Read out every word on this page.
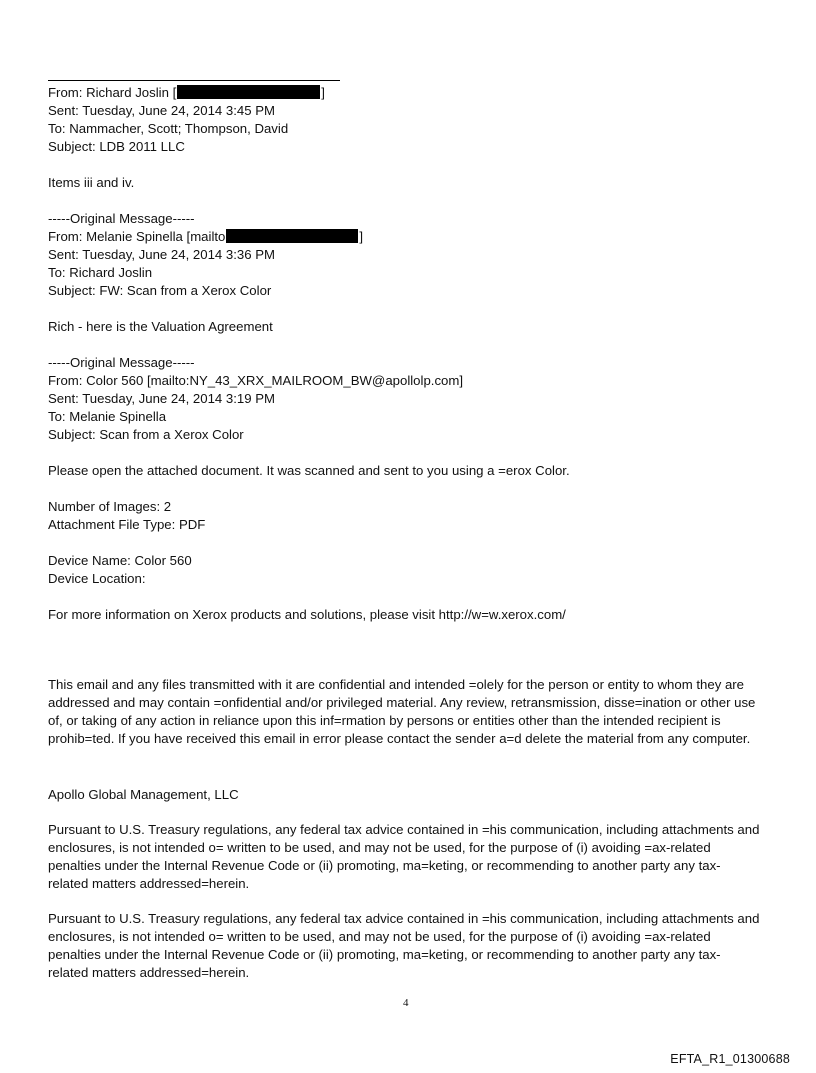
From: Richard Joslin [	]
Sent: Tuesday, June 24, 2014 3:45 PM
To: Nammacher, Scott; Thompson, David
Subject: LDB 2011 LLC
Items iii and iv.
-----Original Message-----
From: Melanie Spinella [mailto	]
Sent: Tuesday, June 24, 2014 3:36 PM
To: Richard Joslin
Subject: FW: Scan from a Xerox Color
Rich - here is the Valuation Agreement
-----Original Message-----
From: Color 560 [mailto:NY_43_XRX_MAILROOM_BW@apollolp.com]
Sent: Tuesday, June 24, 2014 3:19 PM
To: Melanie Spinella
Subject: Scan from a Xerox Color
Please open the attached document. It was scanned and sent to you using a =erox Color.
Number of Images: 2
Attachment File Type: PDF
Device Name: Color 560
Device Location:
For more information on Xerox products and solutions, please visit http://w=w.xerox.com/
This email and any files transmitted with it are confidential and intended =olely for the person or entity to whom they are addressed and may contain =onfidential and/or privileged material. Any review, retransmission, disse=ination or other use of, or taking of any action in reliance upon this inf=rmation by persons or entities other than the intended recipient is prohib=ted. If you have received this email in error please contact the sender a=d delete the material from any computer.
Apollo Global Management, LLC
Pursuant to U.S. Treasury regulations, any federal tax advice contained in =his communication, including attachments and enclosures, is not intended o= written to be used, and may not be used, for the purpose of (i) avoiding =ax-related penalties under the Internal Revenue Code or (ii) promoting, ma=keting, or recommending to another party any tax-related matters addressed=herein.
Pursuant to U.S. Treasury regulations, any federal tax advice contained in =his communication, including attachments and enclosures, is not intended o= written to be used, and may not be used, for the purpose of (i) avoiding =ax-related penalties under the Internal Revenue Code or (ii) promoting, ma=keting, or recommending to another party any tax-related matters addressed=herein.
4
EFTA_R1_01300688
